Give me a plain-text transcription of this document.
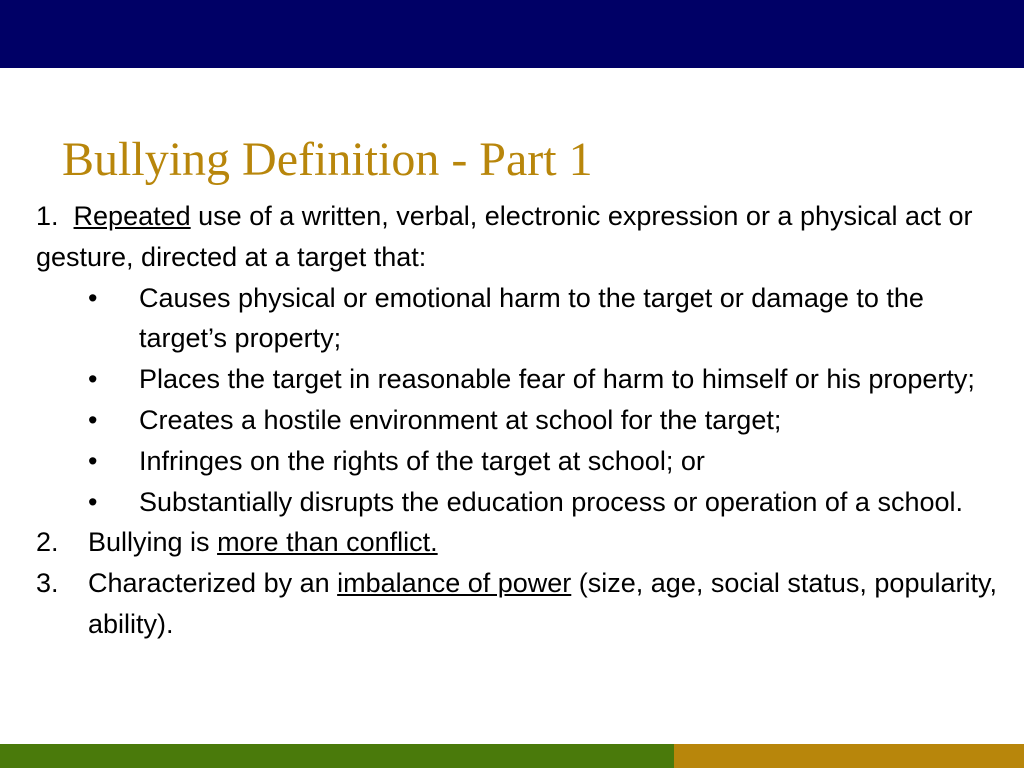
Bullying Definition - Part 1

1. Repeated use of a written, verbal, electronic expression or a physical act or gesture, directed at a target that:

• Causes physical or emotional harm to the target or damage to the target’s property;
• Places the target in reasonable fear of harm to himself or his property;
• Creates a hostile environment at school for the target;
• Infringes on the rights of the target at school; or
• Substantially disrupts the education process or operation of a school.
2. Bullying is more than conflict.
3. Characterized by an imbalance of power (size, age, social status, popularity, ability).
